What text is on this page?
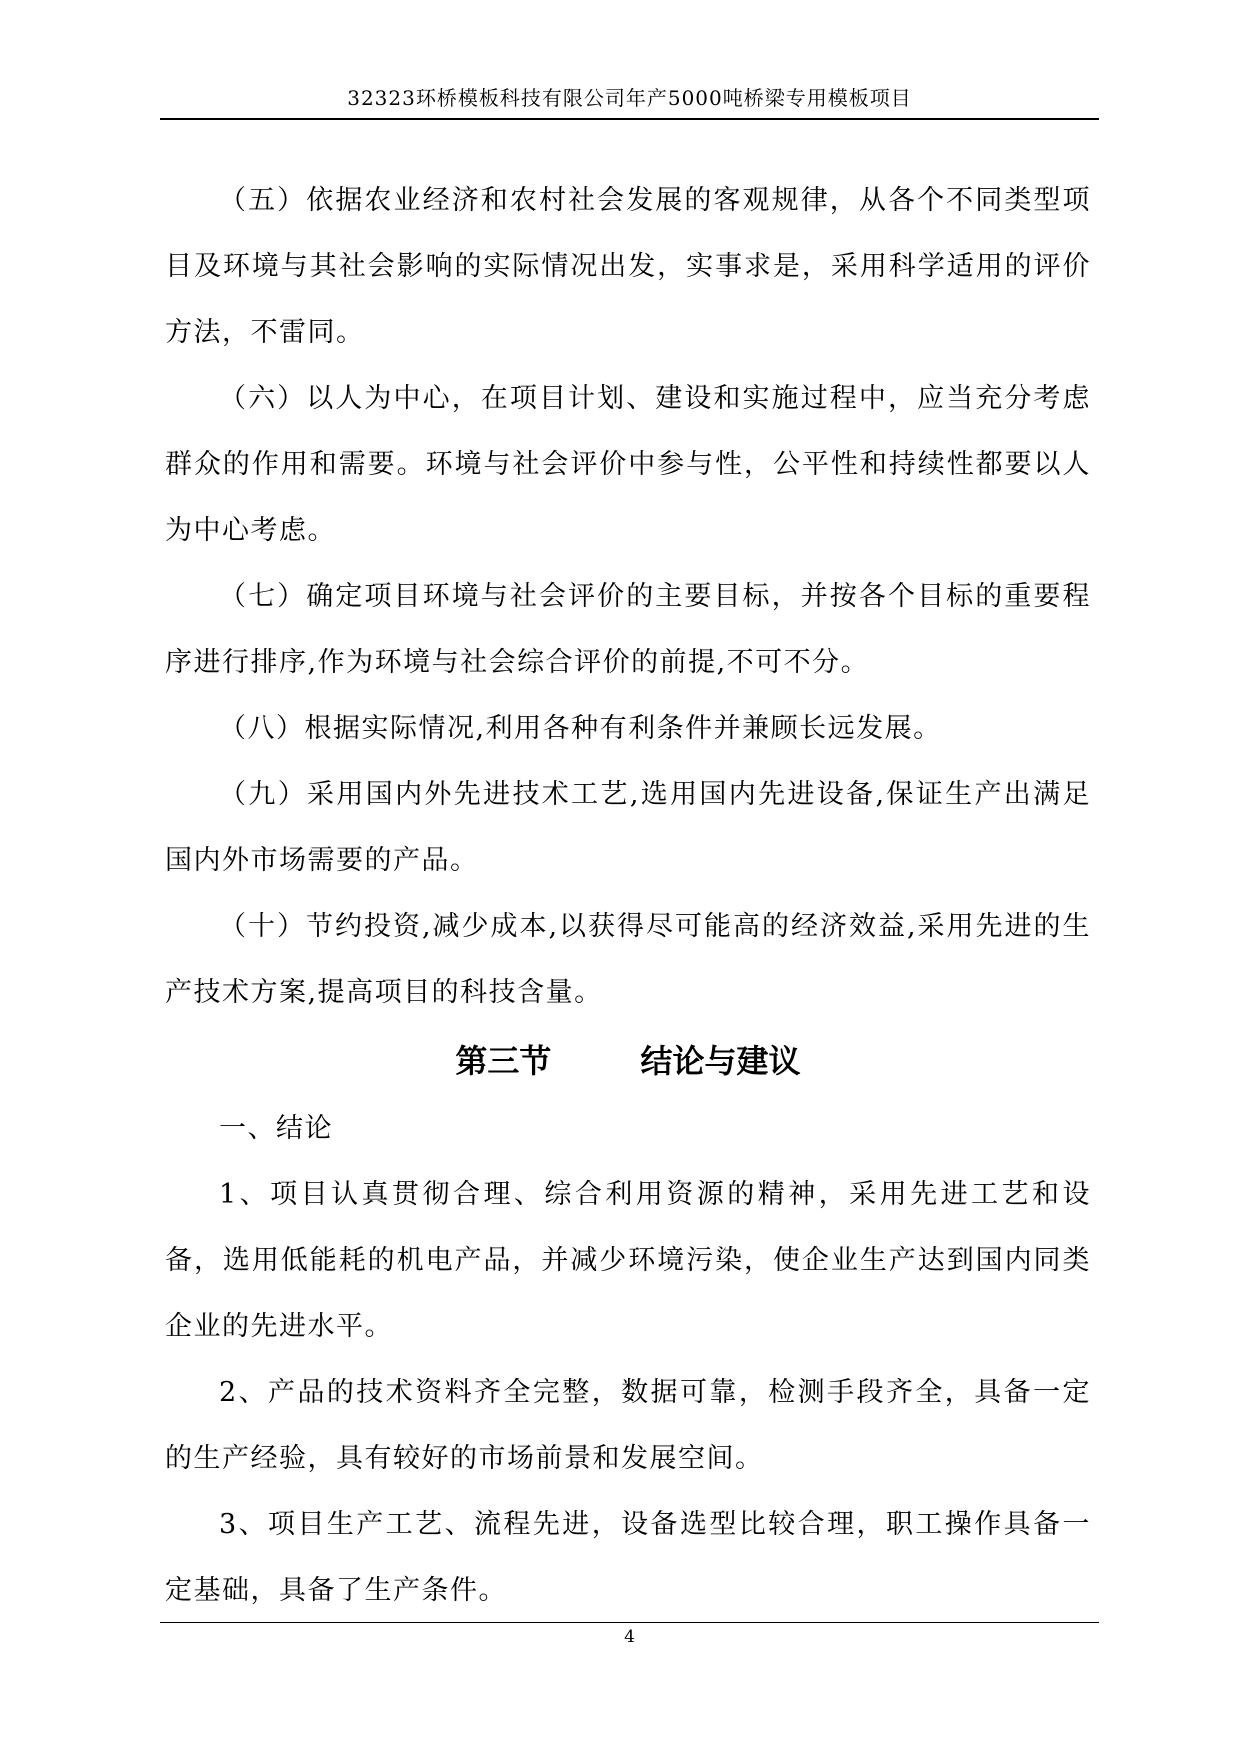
32323环桥模板科技有限公司年产5000吨桥梁专用模板项目

（五）依据农业经济和农村社会发展的客观规律，从各个不同类型项目及环境与其社会影响的实际情况出发，实事求是，采用科学适用的评价方法，不雷同。

（六）以人为中心，在项目计划、建设和实施过程中，应当充分考虑群众的作用和需要。环境与社会评价中参与性，公平性和持续性都要以人为中心考虑。

（七）确定项目环境与社会评价的主要目标，并按各个目标的重要程序进行排序,作为环境与社会综合评价的前提,不可不分。

（八）根据实际情况,利用各种有利条件并兼顾长远发展。

（九）采用国内外先进技术工艺,选用国内先进设备,保证生产出满足国内外市场需要的产品。

（十）节约投资,减少成本,以获得尽可能高的经济效益,采用先进的生产技术方案,提高项目的科技含量。

第三节        结论与建议

一、结论

1、项目认真贯彻合理、综合利用资源的精神，采用先进工艺和设备，选用低能耗的机电产品，并减少环境污染，使企业生产达到国内同类企业的先进水平。

2、产品的技术资料齐全完整，数据可靠，检测手段齐全，具备一定的生产经验，具有较好的市场前景和发展空间。

3、项目生产工艺、流程先进，设备选型比较合理，职工操作具备一定基础，具备了生产条件。

4
